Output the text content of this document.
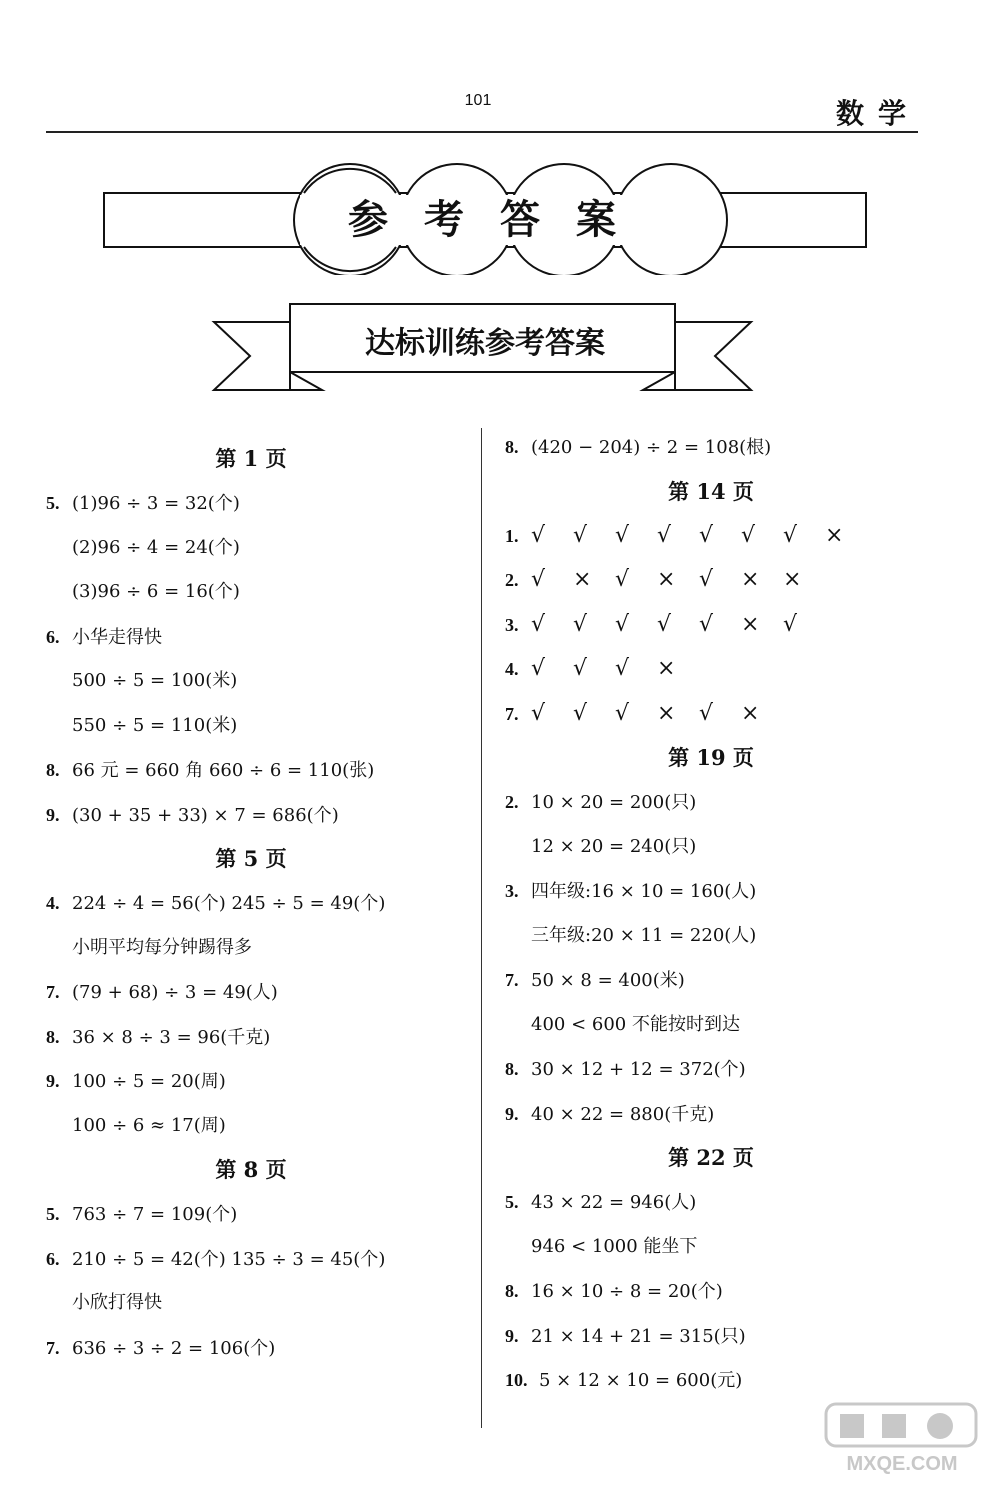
101	数学
参考答案
达标训练参考答案
第 1 页
5. (1)96 ÷ 3 = 32(个)
(2)96 ÷ 4 = 24(个)
(3)96 ÷ 6 = 16(个)
6. 小华走得快
500 ÷ 5 = 100(米)
550 ÷ 5 = 110(米)
8. 66 元 = 660 角 660 ÷ 6 = 110(张)
9. (30 + 35 + 33) × 7 = 686(个)
第 5 页
4. 224 ÷ 4 = 56(个) 245 ÷ 5 = 49(个)
小明平均每分钟踢得多
7. (79 + 68) ÷ 3 = 49(人)
8. 36 × 8 ÷ 3 = 96(千克)
9. 100 ÷ 5 = 20(周)
100 ÷ 6 ≈ 17(周)
第 8 页
5. 763 ÷ 7 = 109(个)
6. 210 ÷ 5 = 42(个) 135 ÷ 3 = 45(个)
小欣打得快
7. 636 ÷ 3 ÷ 2 = 106(个)
8. (420 − 204) ÷ 2 = 108(根)
第 14 页
1. √ √ √ √ √ √ √ ×
2. √ × √ × √ × ×
3. √ √ √ √ √ × √
4. √ √ √ ×
7. √ √ √ × √ ×
第 19 页
2. 10 × 20 = 200(只)
12 × 20 = 240(只)
3. 四年级:16 × 10 = 160(人)
三年级:20 × 11 = 220(人)
7. 50 × 8 = 400(米)
400 < 600 不能按时到达
8. 30 × 12 + 12 = 372(个)
9. 40 × 22 = 880(千克)
第 22 页
5. 43 × 22 = 946(人)
946 < 1000 能坐下
8. 16 × 10 ÷ 8 = 20(个)
9. 21 × 14 + 21 = 315(只)
10. 5 × 12 × 10 = 600(元)
MXQE.COM
